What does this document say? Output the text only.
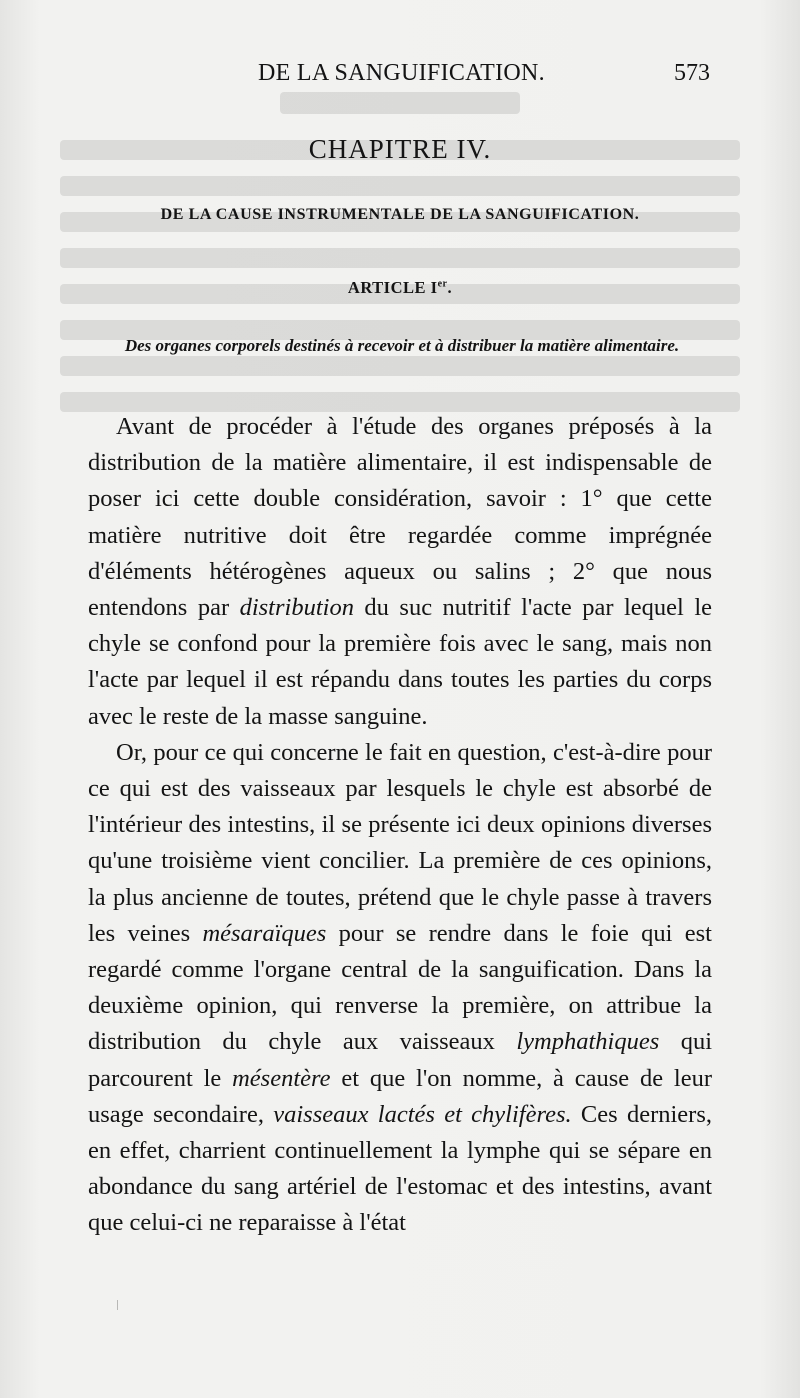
DE LA SANGUIFICATION.	573
CHAPITRE IV.
DE LA CAUSE INSTRUMENTALE DE LA SANGUIFICATION.
ARTICLE Ier.
Des organes corporels destinés à recevoir et à distribuer la matière alimentaire.

Avant de procéder à l'étude des organes préposés à la distribution de la matière alimentaire, il est indispensable de poser ici cette double considération, savoir : 1° que cette matière nutritive doit être regardée comme imprégnée d'éléments hétérogènes aqueux ou salins ; 2° que nous entendons par distribution du suc nutritif l'acte par lequel le chyle se confond pour la première fois avec le sang, mais non l'acte par lequel il est répandu dans toutes les parties du corps avec le reste de la masse sanguine.

Or, pour ce qui concerne le fait en question, c'est-à-dire pour ce qui est des vaisseaux par lesquels le chyle est absorbé de l'intérieur des intestins, il se présente ici deux opinions diverses qu'une troisième vient concilier. La première de ces opinions, la plus ancienne de toutes, prétend que le chyle passe à travers les veines mésaraïques pour se rendre dans le foie qui est regardé comme l'organe central de la sanguification. Dans la deuxième opinion, qui renverse la première, on attribue la distribution du chyle aux vaisseaux lymphathiques qui parcourent le mésentère et que l'on nomme, à cause de leur usage secondaire, vaisseaux lactés et chylifères. Ces derniers, en effet, charrient continuellement la lymphe qui se sépare en abondance du sang artériel de l'estomac et des intestins, avant que celui-ci ne reparaisse à l'état
